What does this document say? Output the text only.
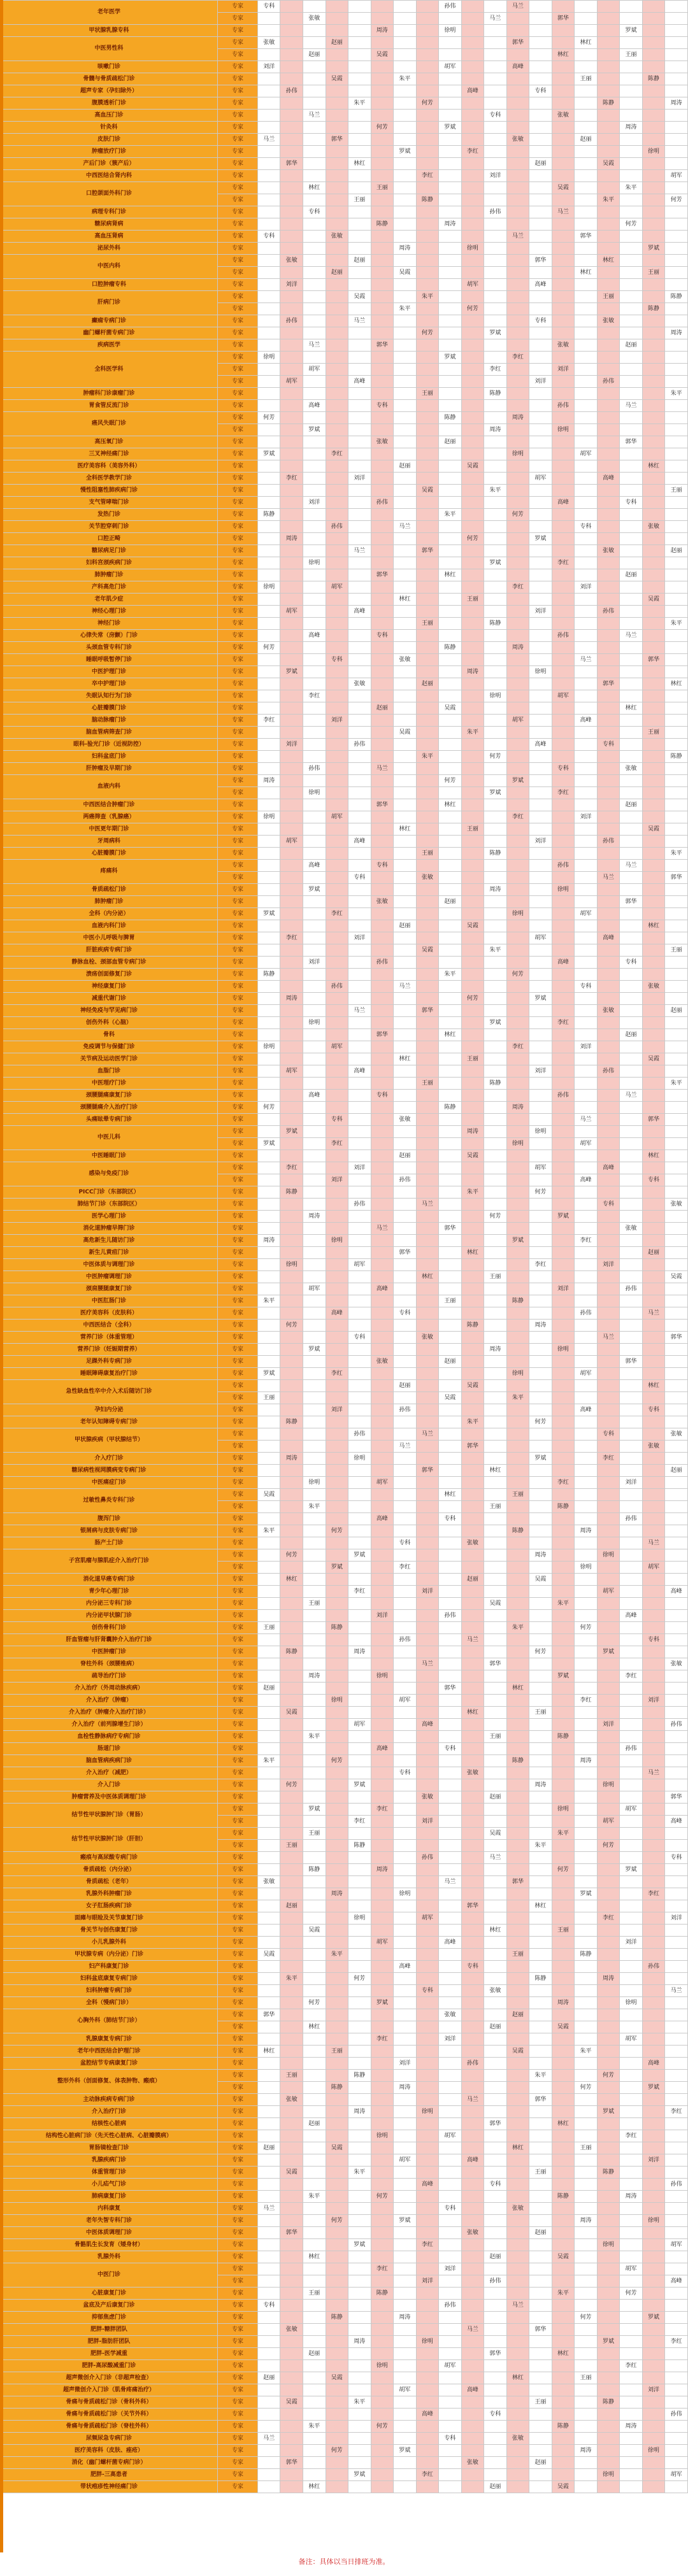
老年医学	专家	专科								孙伟			马兰							
	专家			张敏								马兰			郭华					
甲状腺乳腺专科	专家						周涛			徐明								罗斌		
中医男性科	专家	张敏			赵丽								郭华			林红				
	专家			赵丽			吴霞								林红			王丽		
咳嗽门诊	专家	刘洋								胡军			高峰							
骨髓与骨质疏松门诊	专家				吴霞			朱平								王丽			陈静	
超声专家（孕妇除外）	专家		孙伟								高峰			专科						
腹膜透析门诊	专家					朱平			何芳								陈静			周涛
高血压门诊	专家			马兰								专科			张敏					
针灸科	专家						何芳			罗斌								周涛		
皮肤门诊	专家	马兰			郭华								张敏			赵丽				
肿瘤放疗门诊	专家							罗斌			李红								徐明	
产后门诊（簇产后）	专家		郭华			林红								赵丽			吴霞			
中西医结合肾内科	专家								李红			刘洋								胡军
口腔颌面外科门诊	专家			林红			王丽								吴霞			朱平		
	专家					王丽			陈静								朱平			何芳
病理专科门诊	专家			专科								孙伟			马兰					
糖尿病肾病	专家						陈静			周涛								何芳		
高血压肾病	专家	专科			张敏								马兰			郭华				
泌尿外科	专家							周涛			徐明								罗斌	
中医内科	专家		张敏			赵丽								郭华			林红			
	专家				赵丽			吴霞								林红			王丽	
口腔肿瘤专科	专家		刘洋								胡军			高峰						
肝病门诊	专家					吴霞			朱平								王丽			陈静
	专家							朱平			何芳								陈静	
癫痫专病门诊	专家		孙伟			马兰								专科			张敏			
幽门螺杆菌专病门诊	专家								何芳			罗斌								周涛
疾病医学	专家			马兰			郭华								张敏			赵丽		
全科医学科	专家	徐明								罗斌			李红							
	专家			胡军								李红			刘洋					
	专家		胡军			高峰								刘洋			孙伟			
肿瘤科门诊康瘤门诊	专家								王丽			陈静								朱平
胃食管反流门诊	专家			高峰			专科								孙伟			马兰		
癌风失眠门诊	专家	何芳								陈静			周涛							
	专家			罗斌								周涛			徐明					
高压氧门诊	专家						张敏			赵丽								郭华		
三叉神经痛门诊	专家	罗斌			李红								徐明			胡军				
医疗美容科（美容外科）	专家							赵丽			吴霞								林红	
全科医学教学门诊	专家		李红			刘洋								胡军			高峰			
慢性阻塞性肺疾病门诊	专家								吴霞			朱平								王丽
支气管哮喘门诊	专家			刘洋			孙伟								高峰			专科		
发热门诊	专家	陈静								朱平			何芳							
关节腔穿刺门诊	专家				孙伟			马兰								专科			张敏	
口腔正畸	专家		周涛								何芳			罗斌						
糖尿病足门诊	专家					马兰			郭华								张敏			赵丽
妇科宫颈疾病门诊	专家			徐明								罗斌			李红					
肺肿瘤门诊	专家						郭华			林红								赵丽		
产科高危门诊	专家	徐明			胡军								李红			刘洋				
老年肌少症	专家							林红			王丽								吴霞	
神经心理门诊	专家		胡军			高峰								刘洋			孙伟			
神经门诊	专家								王丽			陈静								朱平
心律失常（房颤）门诊	专家			高峰			专科								孙伟			马兰		
头颈血管专科门诊	专家	何芳								陈静			周涛							
睡眠呼吸暂停门诊	专家				专科			张敏								马兰			郭华	
中医护理门诊	专家		罗斌								周涛			徐明						
卒中护理门诊	专家					张敏			赵丽								郭华			林红
失眠认知行为门诊	专家			李红								徐明			胡军					
心脏瓣膜门诊	专家						赵丽			吴霞								林红		
脑动脉瘤门诊	专家	李红			刘洋								胡军			高峰				
脑血管病筛查门诊	专家							吴霞			朱平								王丽	
眼科-验光门诊（近视防控）	专家		刘洋			孙伟								高峰			专科			
妇科盆底门诊	专家								朱平			何芳								陈静
肝肿瘤及早期门诊	专家			孙伟			马兰								专科			张敏		
血液内科	专家	周涛								何芳			罗斌							
	专家			徐明								罗斌			李红					
中西医结合肿瘤门诊	专家						郭华			林红								赵丽		
两癌筛查（乳腺癌）	专家	徐明			胡军								李红			刘洋				
中医更年期门诊	专家							林红			王丽								吴霞	
牙周病科	专家		胡军			高峰								刘洋			孙伟			
心脏瓣膜门诊	专家								王丽			陈静								朱平
疼痛科	专家			高峰			专科								孙伟			马兰		
	专家					专科			张敏								马兰			郭华
骨质疏松门诊	专家			罗斌								周涛			徐明					
肺肿瘤门诊	专家						张敏			赵丽								郭华		
全科（内分泌）	专家	罗斌			李红								徐明			胡军				
血液内科门诊	专家							赵丽			吴霞								林红	
中医小儿呼吸与脾胃	专家		李红			刘洋								胡军			高峰			
肝脏疾病专病门诊	专家								吴霞			朱平								王丽
静脉血栓、颈部血管专病门诊	专家			刘洋			孙伟								高峰			专科		
溃疡创面修复门诊	专家	陈静								朱平			何芳							
神经康复门诊	专家				孙伟			马兰								专科			张敏	
减重代谢门诊	专家		周涛								何芳			罗斌						
神经免疫与罕见病门诊	专家					马兰			郭华								张敏			赵丽
创伤外科（心脑）	专家			徐明								罗斌			李红					
骨科	专家						郭华			林红								赵丽		
免疫调节与保健门诊	专家	徐明			胡军								李红			刘洋				
关节病及运动医学门诊	专家							林红			王丽								吴霞	
血脂门诊	专家		胡军			高峰								刘洋			孙伟			
中医理疗门诊	专家								王丽			陈静								朱平
颈腰腿痛康复门诊	专家			高峰			专科								孙伟			马兰		
颈腰腿痛介入治疗门诊	专家	何芳								陈静			周涛							
头痛眩晕专病门诊	专家				专科			张敏								马兰			郭华	
中医儿科	专家		罗斌								周涛			徐明						
	专家	罗斌			李红								徐明			胡军				
中医睡眠门诊	专家							赵丽			吴霞								林红	
感染与免疫门诊	专家		李红			刘洋								胡军			高峰			
	专家				刘洋			孙伟								高峰			专科	
PICC门诊（东部院区）	专家		陈静								朱平			何芳						
肺结节门诊（东部院区）	专家					孙伟			马兰								专科			张敏
医学心理门诊	专家			周涛								何芳			罗斌					
消化道肿瘤早筛门诊	专家						马兰			郭华								张敏		
高危新生儿随访门诊	专家	周涛			徐明								罗斌			李红				
新生儿黄疸门诊	专家							郭华			林红								赵丽	
中医体质与调理门诊	专家		徐明			胡军								李红			刘洋			
中医肿瘤调理门诊	专家								林红			王丽								吴霞
颈肩腰腿康复门诊	专家			胡军			高峰								刘洋			孙伟		
中医肛肠门诊	专家	朱平								王丽			陈静							
医疗美容科（皮肤科）	专家				高峰			专科								孙伟			马兰	
中西医结合（全科）	专家		何芳								陈静			周涛						
营养门诊（体重管理）	专家					专科			张敏								马兰			郭华
营养门诊（妊娠期营养）	专家			罗斌								周涛			徐明					
足踝外科专病门诊	专家						张敏			赵丽								郭华		
睡眠障碍康复治疗门诊	专家	罗斌			李红								徐明			胡军				
急性缺血性卒中介入术后随访门诊	专家							赵丽			吴霞								林红	
	专家	王丽								吴霞			朱平							
孕妇内分泌	专家				刘洋			孙伟								高峰			专科	
老年认知障碍专病门诊	专家		陈静								朱平			何芳						
甲状腺疾病（甲状腺结节）	专家					孙伟			马兰								专科			张敏
	专家							马兰			郭华								张敏	
介入疗门诊	专家		周涛			徐明								罗斌			李红			
糖尿病性视网膜病变专病门诊	专家								郭华			林红								赵丽
中医痛症门诊	专家			徐明			胡军								李红			刘洋		
过敏性鼻炎专科门诊	专家	吴霞								林红			王丽							
	专家			朱平								王丽			陈静					
腹泻门诊	专家						高峰			专科								孙伟		
银屑病与皮肤专病门诊	专家	朱平			何芳								陈静			周涛				
肠产土门诊	专家							专科			张敏								马兰	
子宫肌瘤与腺肌症介入治疗门诊	专家		何芳			罗斌								周涛			徐明			
	专家				罗斌			李红								徐明			胡军	
消化道早癌专病门诊	专家		林红								赵丽			吴霞						
青少年心理门诊	专家					李红			刘洋								胡军			高峰
内分泌三专科门诊	专家			王丽								吴霞			朱平					
内分泌甲状腺门诊	专家						刘洋			孙伟								高峰		
创伤骨科门诊	专家	王丽			陈静								朱平			何芳				
肝血管瘤与肝肾囊肿介入治疗门诊	专家							孙伟			马兰								专科	
中医肿瘤门诊	专家		陈静			周涛								何芳			罗斌			
脊柱外科（颈腰椎病）	专家								马兰			郭华								张敏
疏导治疗门诊	专家			周涛			徐明								罗斌			李红		
介入治疗（外周动脉疾病）	专家	赵丽								郭华			林红							
介入治疗（肿瘤）	专家				徐明			胡军								李红			刘洋	
介入治疗（肿瘤介入治疗门诊）	专家		吴霞								林红			王丽						
介入治疗（前列腺增生门诊）	专家					胡军			高峰								刘洋			孙伟
血栓性静脉病疗专病门诊	专家			朱平								王丽			陈静					
肠道门诊	专家						高峰			专科								孙伟		
脑血管病疾病门诊	专家	朱平			何芳								陈静			周涛				
介入治疗（减肥）	专家							专科			张敏								马兰	
介入门诊	专家		何芳			罗斌								周涛			徐明			
肿瘤营养及中医体质调理门诊	专家								张敏			赵丽								郭华
结节性甲状腺肿门诊（胃肠）	专家			罗斌			李红								徐明			胡军		
	专家					李红			刘洋								胡军			高峰
结节性甲状腺肿门诊（肝胆）	专家			王丽								吴霞			朱平					
	专家		王丽			陈静								朱平			何芳			
瘢痕与高尿酸专病门诊	专家								孙伟			马兰								专科
骨质疏松（内分泌）	专家			陈静			周涛								何芳			罗斌		
骨质疏松（老年）	专家	张敏								马兰			郭华							
乳腺外科肿瘤门诊	专家				周涛			徐明								罗斌			李红	
女子肛肠疾病门诊	专家		赵丽								郭华			林红						
面瘫与眼睑及关节康复门诊	专家					徐明			胡军								李红			刘洋
骨关节与创伤康复门诊	专家			吴霞								林红			王丽					
小儿乳腺外科	专家						胡军			高峰								刘洋		
甲状腺专病（内分泌）门诊	专家	吴霞			朱平								王丽			陈静				
妇产科康复门诊	专家							高峰			专科								孙伟	
妇科盆底康复专病门诊	专家		朱平			何芳								陈静			周涛			
妇科肿瘤专病门诊	专家								专科			张敏								马兰
全科（慢病门诊）	专家			何芳			罗斌								周涛			徐明		
心胸外科（肺结节门诊）	专家	郭华								张敏			赵丽							
	专家			林红								赵丽			吴霞					
乳腺康复专病门诊	专家						李红			刘洋								胡军		
老年中西医结合护理门诊	专家	林红			王丽								吴霞			朱平				
盆腔结节专病康复门诊	专家							刘洋			孙伟								高峰	
整形外科（创面修复、体表肿物、瘢痕）	专家		王丽			陈静								朱平			何芳			
	专家				陈静			周涛								何芳			罗斌	
主动脉疾病专病门诊	专家		张敏								马兰			郭华						
介入治疗门诊	专家					周涛			徐明								罗斌			李红
结核性心脏病	专家			赵丽								郭华			林红					
结构性心脏病门诊（先天性心脏病、心脏瓣膜病）	专家						徐明			胡军								李红		
胃肠镜检查门诊	专家	赵丽			吴霞								林红			王丽				
乳腺疾病门诊	专家							胡军			高峰								刘洋	
体重管理门诊	专家		吴霞			朱平								王丽			陈静			
小儿疝气门诊	专家								高峰			专科								孙伟
肺病康复门诊	专家			朱平			何芳								陈静			周涛		
内科康复	专家	马兰								专科			张敏							
老年失智专科门诊	专家				何芳			罗斌								周涛			徐明	
中医体质调理门诊	专家		郭华								张敏			赵丽						
骨骼肌生长发育（矮身材）	专家					罗斌			李红								徐明			胡军
乳腺外科	专家			林红								赵丽			吴霞					
中医门诊	专家						李红			刘洋								胡军		
	专家								刘洋			孙伟								高峰
心脏康复门诊	专家			王丽			陈静								朱平			何芳		
盆底及产后康复门诊	专家	专科								孙伟			马兰							
抑郁焦虑门诊	专家				陈静			周涛								何芳			罗斌	
肥胖-糖胖团队	专家		张敏								马兰			郭华						
肥胖-脂肪肝团队	专家					周涛			徐明								罗斌			李红
肥胖-医学减重	专家			赵丽								郭华			林红					
肥胖-高尿酸减重门诊	专家						徐明			胡军								李红		
超声微创介入门诊（非超声检查）	专家	赵丽			吴霞								林红			王丽				
超声微创介入门诊（肌骨疼痛治疗）	专家							胡军			高峰								刘洋	
骨痛与骨质疏松门诊（骨科外科）	专家		吴霞			朱平								王丽			陈静			
骨痛与骨质疏松门诊（关节外科）	专家								高峰			专科								孙伟
骨痛与骨质疏松门诊（脊柱外科）	专家			朱平			何芳								陈静			周涛		
尿频尿急专病门诊	专家	马兰								专科			张敏							
医疗美容科（皮肤、痤疮）	专家				何芳			罗斌								周涛			徐明	
消化（幽门螺杆菌专病门诊）	专家		郭华								张敏			赵丽						
肥胖-三高患者	专家					罗斌			李红								徐明			胡军
带状疱疹性神经痛门诊	专家			林红								赵丽			吴霞					
备注：具体以当日排班为准。
